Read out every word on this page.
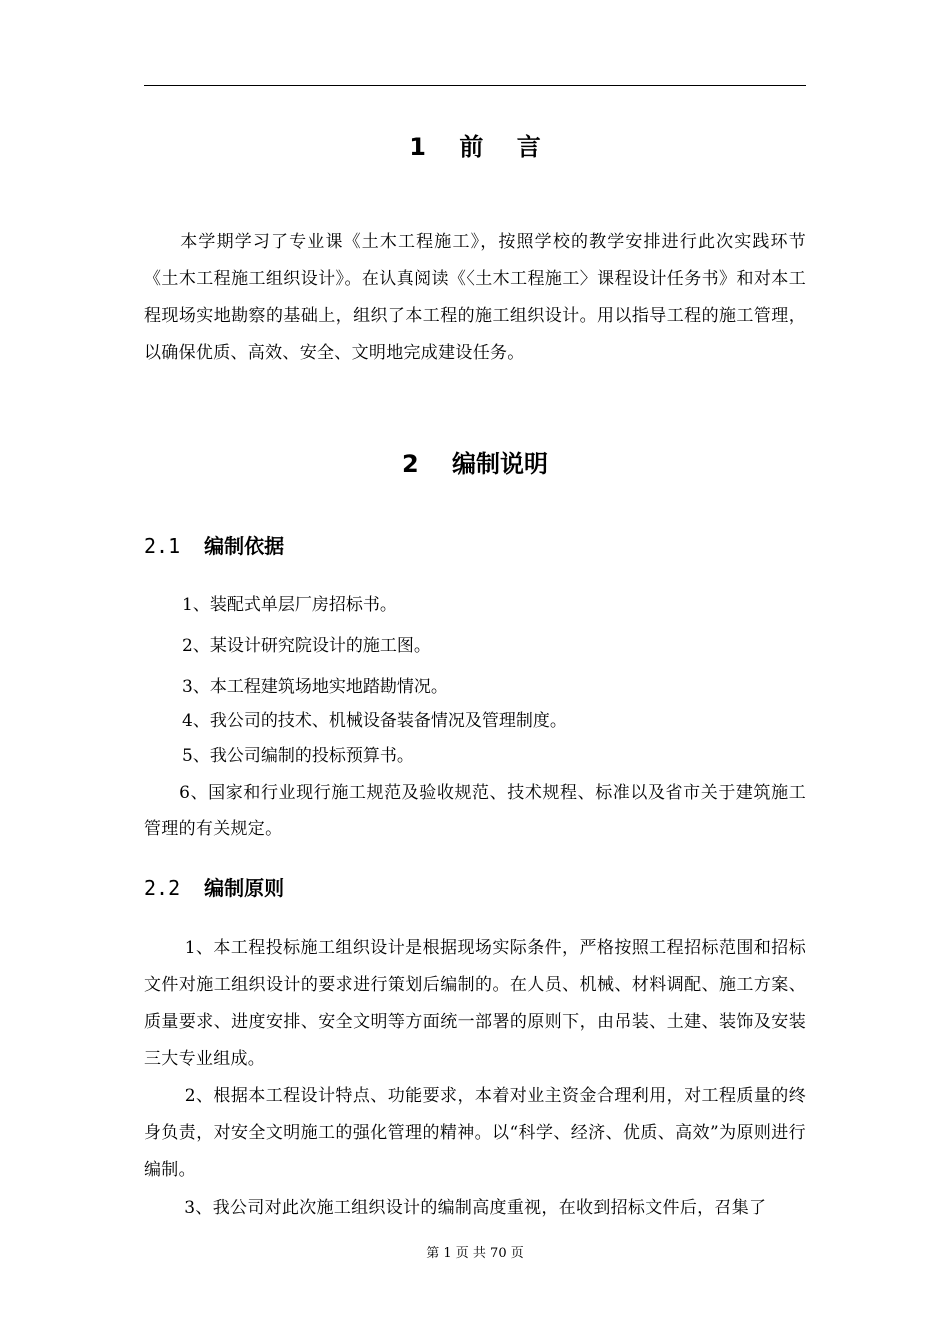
1    前    言
　　本学期学习了专业课《土木工程施工》，按照学校的教学安排进行此次实践环节《土木工程施工组织设计》。在认真阅读《〈土木工程施工〉课程设计任务书》和对本工程现场实地勘察的基础上，组织了本工程的施工组织设计。用以指导工程的施工管理，以确保优质、高效、安全、文明地完成建设任务。
2    编制说明
2.1 编制依据
1、装配式单层厂房招标书。
2、某设计研究院设计的施工图。
3、本工程建筑场地实地踏勘情况。
4、我公司的技术、机械设备装备情况及管理制度。
5、我公司编制的投标预算书。
　　6、国家和行业现行施工规范及验收规范、技术规程、标准以及省市关于建筑施工管理的有关规定。
2.2 编制原则
　　 1、本工程投标施工组织设计是根据现场实际条件，严格按照工程招标范围和招标文件对施工组织设计的要求进行策划后编制的。在人员、机械、材料调配、施工方案、质量要求、进度安排、安全文明等方面统一部署的原则下，由吊装、土建、装饰及安装三大专业组成。
　　 2、根据本工程设计特点、功能要求，本着对业主资金合理利用，对工程质量的终身负责，对安全文明施工的强化管理的精神。以“科学、经济、优质、高效”为原则进行编制。
　　 3、我公司对此次施工组织设计的编制高度重视，在收到招标文件后，召集了
第 1 页 共 70 页
